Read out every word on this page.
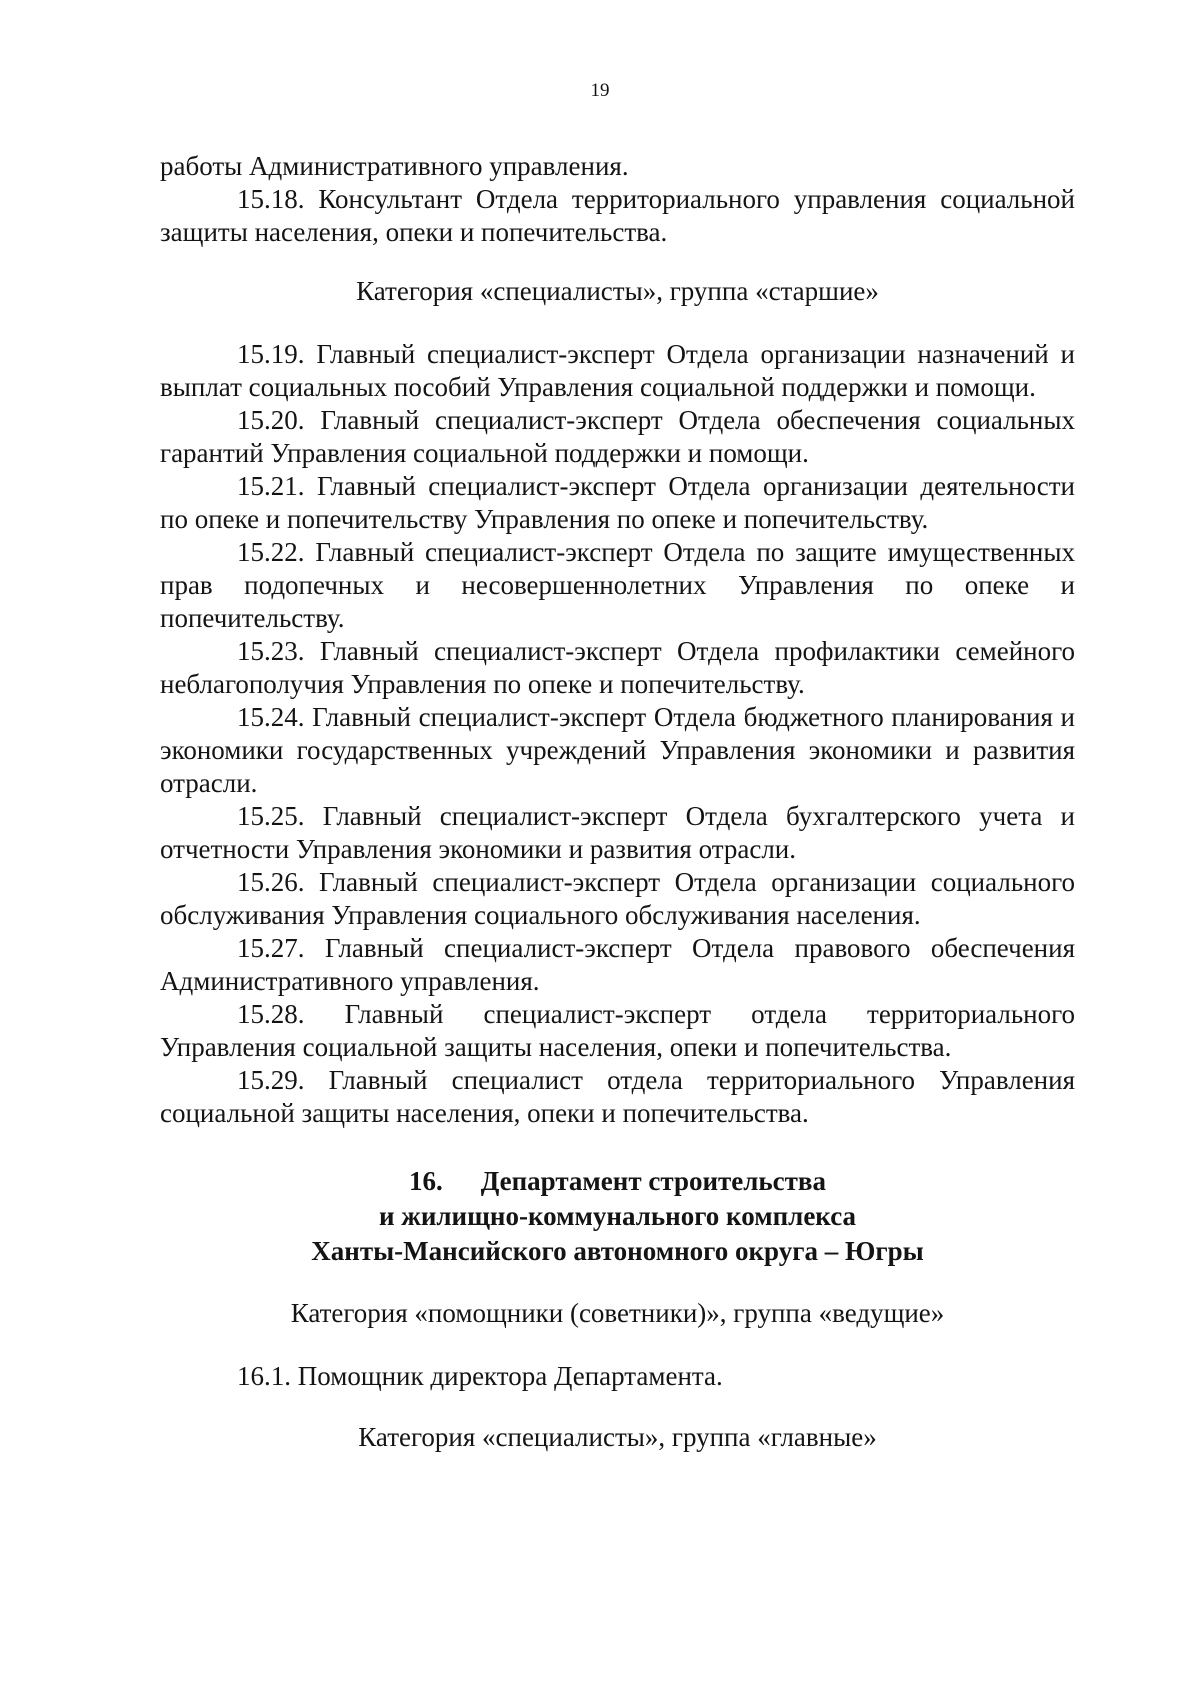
19

работы Административного управления.

15.18. Консультант Отдела территориального управления социальной защиты населения, опеки и попечительства.

Категория «специалисты», группа «старшие»

15.19. Главный специалист-эксперт Отдела организации назначений и выплат социальных пособий Управления социальной поддержки и помощи.

15.20. Главный специалист-эксперт Отдела обеспечения социальных гарантий Управления социальной поддержки и помощи.

15.21. Главный специалист-эксперт Отдела организации деятельности по опеке и попечительству Управления по опеке и попечительству.

15.22. Главный специалист-эксперт Отдела по защите имущественных прав подопечных и несовершеннолетних Управления по опеке и попечительству.

15.23. Главный специалист-эксперт Отдела профилактики семейного неблагополучия Управления по опеке и попечительству.

15.24. Главный специалист-эксперт Отдела бюджетного планирования и экономики государственных учреждений Управления экономики и развития отрасли.

15.25. Главный специалист-эксперт Отдела бухгалтерского учета и отчетности Управления экономики и развития отрасли.

15.26. Главный специалист-эксперт Отдела организации социального обслуживания Управления социального обслуживания населения.

15.27. Главный специалист-эксперт Отдела правового обеспечения Административного управления.

15.28. Главный специалист-эксперт отдела территориального Управления социальной защиты населения, опеки и попечительства.

15.29. Главный специалист отдела территориального Управления социальной защиты населения, опеки и попечительства.

16. Департамент строительства
и жилищно-коммунального комплекса
Ханты-Мансийского автономного округа – Югры

Категория «помощники (советники)», группа «ведущие»

16.1. Помощник директора Департамента.

Категория «специалисты», группа «главные»
